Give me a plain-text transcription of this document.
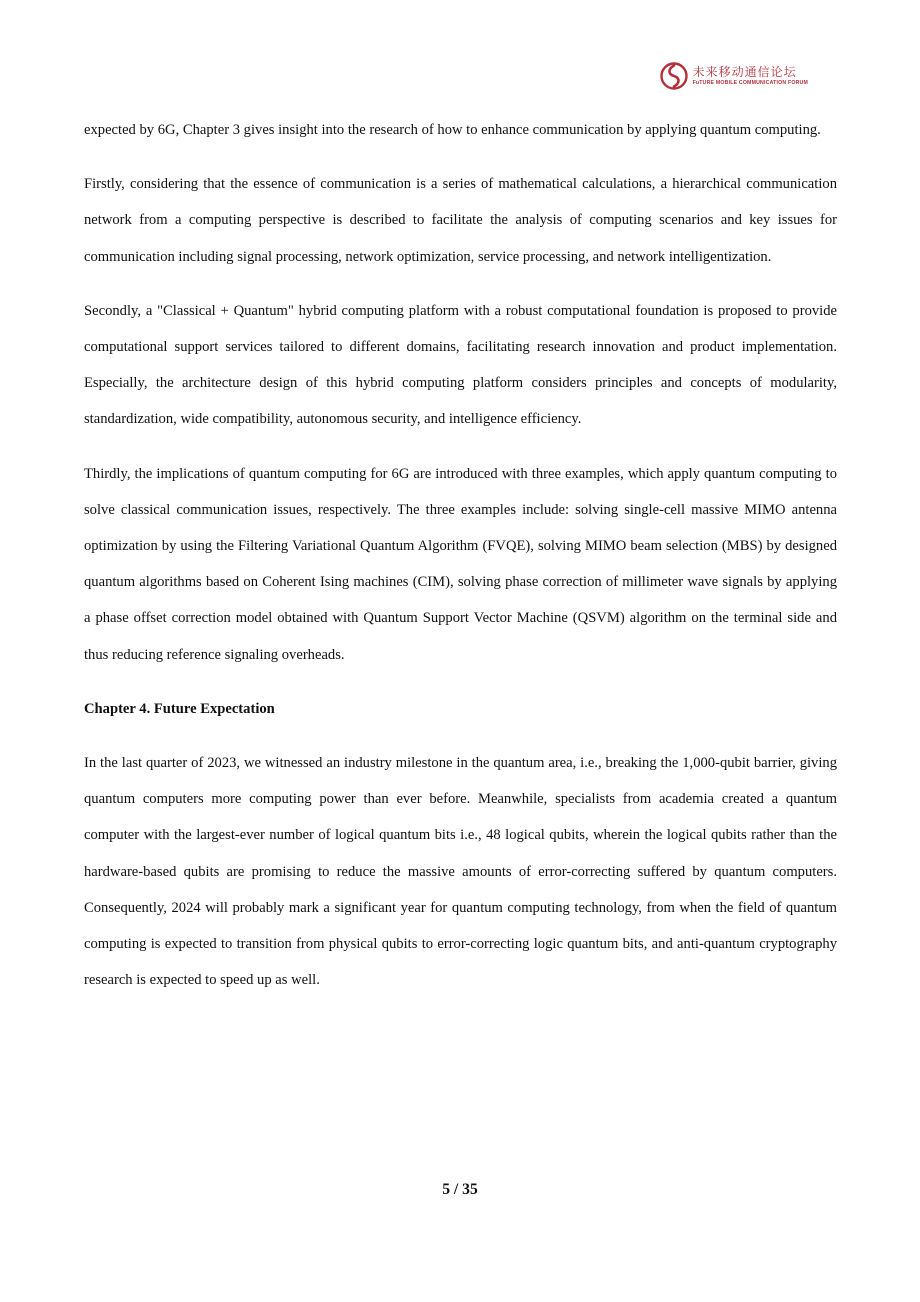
未来移动通信论坛
FuTURE MOBILE COMMUNICATION FORUM

expected by 6G, Chapter 3 gives insight into the research of how to enhance communication by applying quantum computing.

Firstly, considering that the essence of communication is a series of mathematical calculations, a hierarchical communication network from a computing perspective is described to facilitate the analysis of computing scenarios and key issues for communication including signal processing, network optimization, service processing, and network intelligentization.

Secondly, a "Classical + Quantum" hybrid computing platform with a robust computational foundation is proposed to provide computational support services tailored to different domains, facilitating research innovation and product implementation. Especially, the architecture design of this hybrid computing platform considers principles and concepts of modularity, standardization, wide compatibility, autonomous security, and intelligence efficiency.

Thirdly, the implications of quantum computing for 6G are introduced with three examples, which apply quantum computing to solve classical communication issues, respectively. The three examples include: solving single-cell massive MIMO antenna optimization by using the Filtering Variational Quantum Algorithm (FVQE), solving MIMO beam selection (MBS) by designed quantum algorithms based on Coherent Ising machines (CIM), solving phase correction of millimeter wave signals by applying a phase offset correction model obtained with Quantum Support Vector Machine (QSVM) algorithm on the terminal side and thus reducing reference signaling overheads.

Chapter 4. Future Expectation

In the last quarter of 2023, we witnessed an industry milestone in the quantum area, i.e., breaking the 1,000-qubit barrier, giving quantum computers more computing power than ever before. Meanwhile, specialists from academia created a quantum computer with the largest-ever number of logical quantum bits i.e., 48 logical qubits, wherein the logical qubits rather than the hardware-based qubits are promising to reduce the massive amounts of error-correcting suffered by quantum computers. Consequently, 2024 will probably mark a significant year for quantum computing technology, from when the field of quantum computing is expected to transition from physical qubits to error-correcting logic quantum bits, and anti-quantum cryptography research is expected to speed up as well.

5 / 35
